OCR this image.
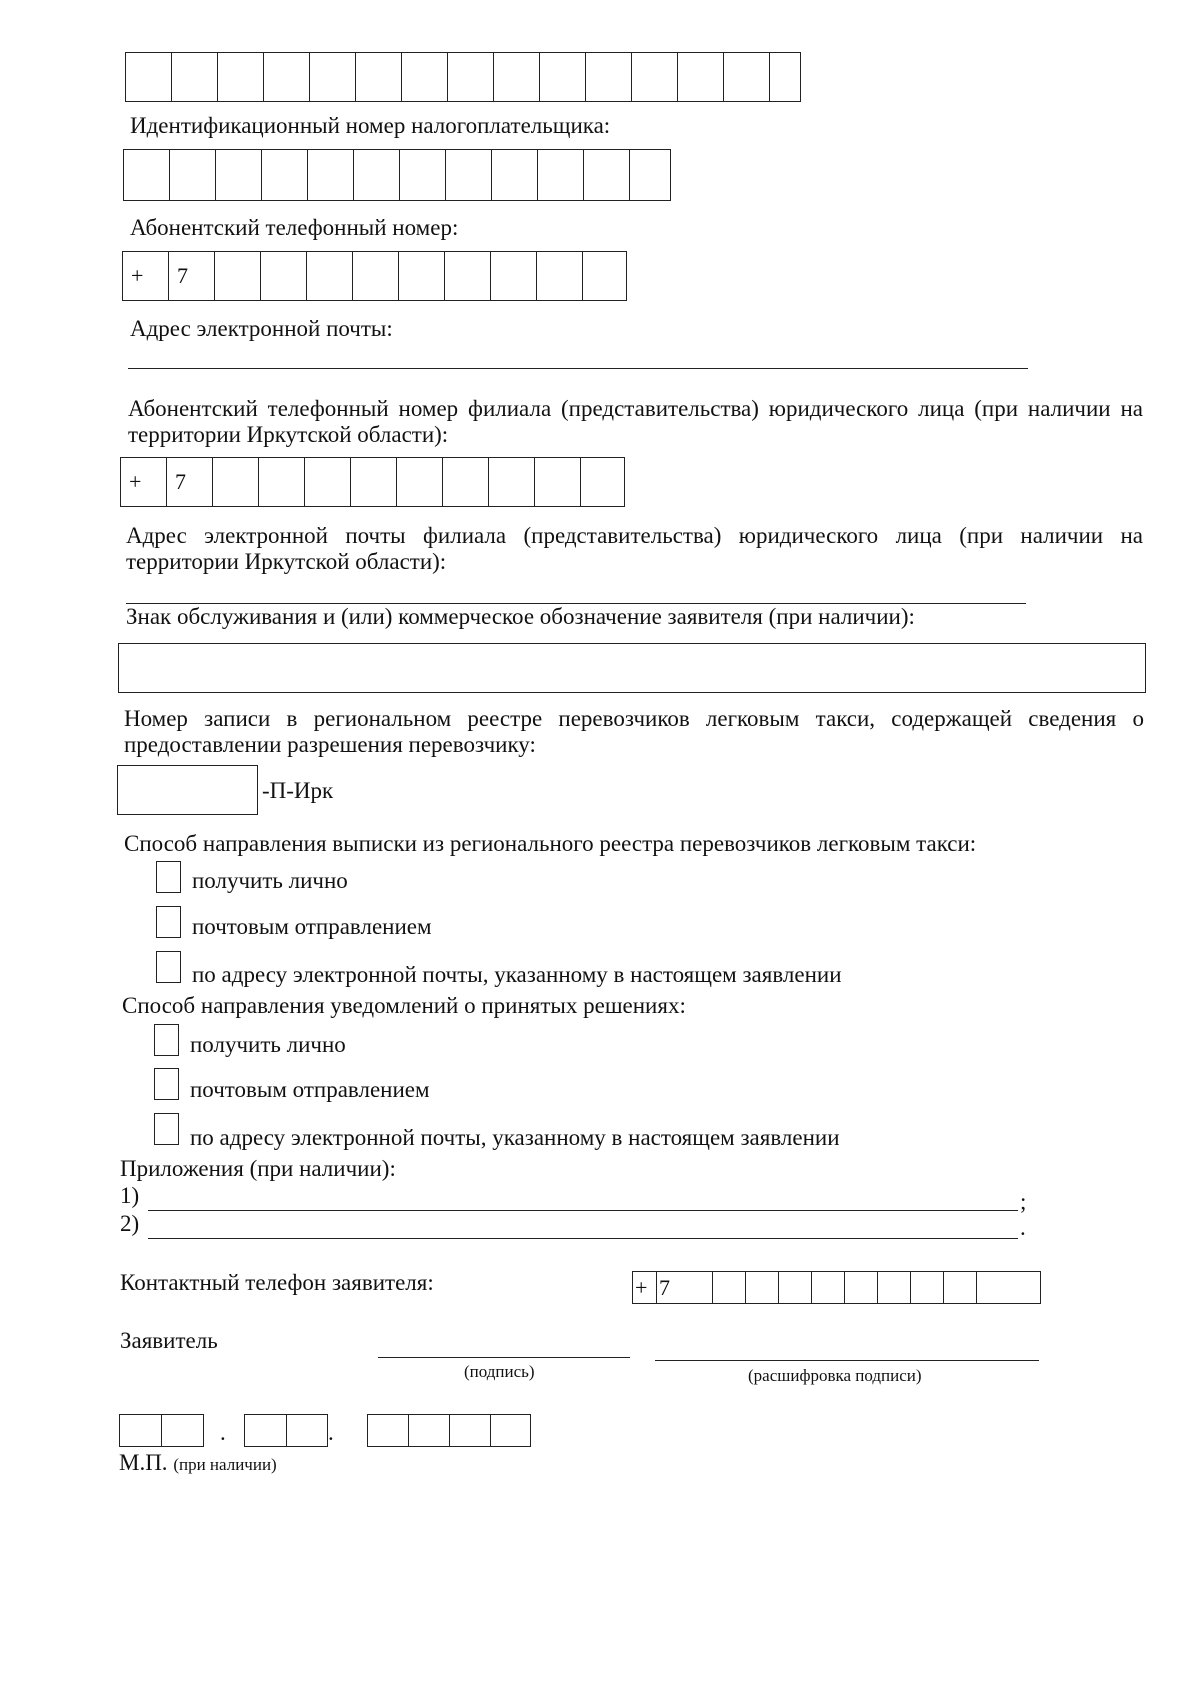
Идентификационный номер налогоплательщика:
Абонентский телефонный номер:
+	7
Адрес электронной почты:
Абонентский телефонный номер филиала (представительства) юридического лица (при наличии на территории Иркутской области):
+	7
Адрес электронной почты филиала (представительства) юридического лица (при наличии на территории Иркутской области):
Знак обслуживания и (или) коммерческое обозначение заявителя (при наличии):
Номер записи в региональном реестре перевозчиков легковым такси, содержащей сведения о предоставлении разрешения перевозчику:
-П-Ирк
Способ направления выписки из регионального реестра перевозчиков легковым такси:
получить лично
почтовым отправлением
по адресу электронной почты, указанному в настоящем заявлении
Способ направления уведомлений о принятых решениях:
получить лично
почтовым отправлением
по адресу электронной почты, указанному в настоящем заявлении
Приложения (при наличии):
1)	;
2)	.
Контактный телефон заявителя:	+ 7
Заявитель
(подпись)	(расшифровка подписи)
.	.
М.П. (при наличии)
